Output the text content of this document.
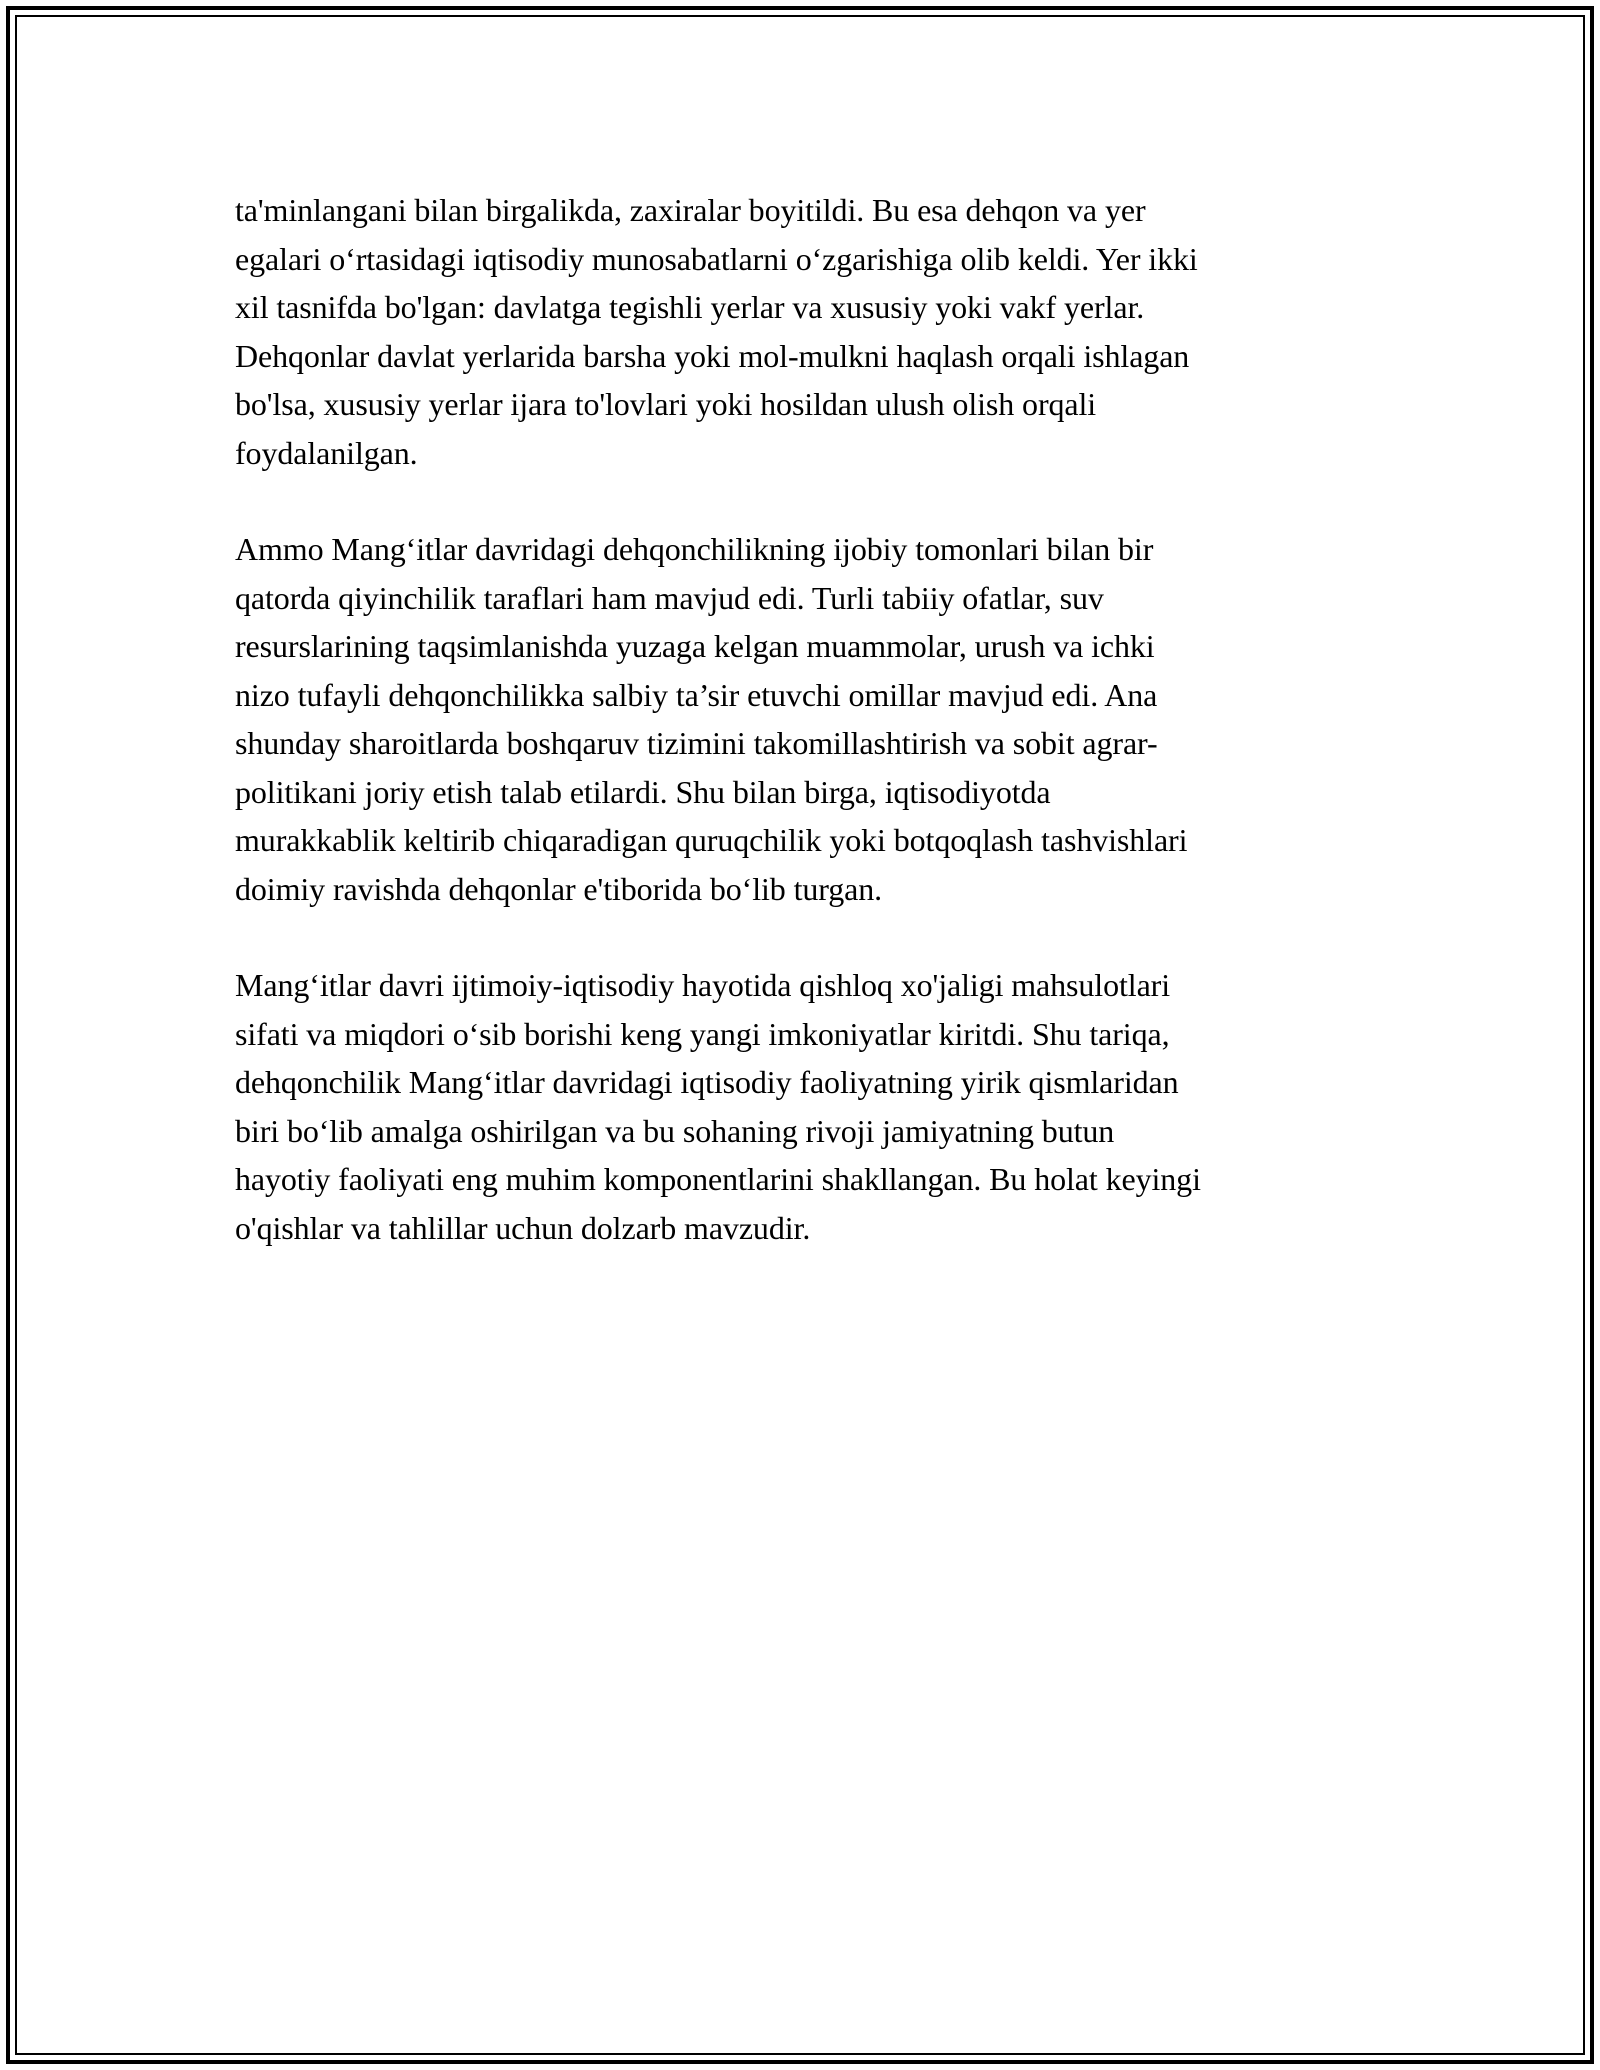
ta'minlangani bilan birgalikda, zaxiralar boyitildi. Bu esa dehqon va yer
egalari o‘rtasidagi iqtisodiy munosabatlarni o‘zgarishiga olib keldi. Yer ikki
xil tasnifda bo'lgan: davlatga tegishli yerlar va xususiy yoki vakf yerlar.
Dehqonlar davlat yerlarida barsha yoki mol-mulkni haqlash orqali ishlagan
bo'lsa, xususiy yerlar ijara to'lovlari yoki hosildan ulush olish orqali
foydalanilgan.

Ammo Mang‘itlar davridagi dehqonchilikning ijobiy tomonlari bilan bir
qatorda qiyinchilik taraflari ham mavjud edi. Turli tabiiy ofatlar, suv
resurslarining taqsimlanishda yuzaga kelgan muammolar, urush va ichki
nizo tufayli dehqonchilikka salbiy ta’sir etuvchi omillar mavjud edi. Ana
shunday sharoitlarda boshqaruv tizimini takomillashtirish va sobit agrar-
politikani joriy etish talab etilardi. Shu bilan birga, iqtisodiyotda
murakkablik keltirib chiqaradigan quruqchilik yoki botqoqlash tashvishlari
doimiy ravishda dehqonlar e'tiborida bo‘lib turgan.

Mang‘itlar davri ijtimoiy-iqtisodiy hayotida qishloq xo'jaligi mahsulotlari
sifati va miqdori o‘sib borishi keng yangi imkoniyatlar kiritdi. Shu tariqa,
dehqonchilik Mang‘itlar davridagi iqtisodiy faoliyatning yirik qismlaridan
biri bo‘lib amalga oshirilgan va bu sohaning rivoji jamiyatning butun
hayotiy faoliyati eng muhim komponentlarini shakllangan. Bu holat keyingi
o'qishlar va tahlillar uchun dolzarb mavzudir.
